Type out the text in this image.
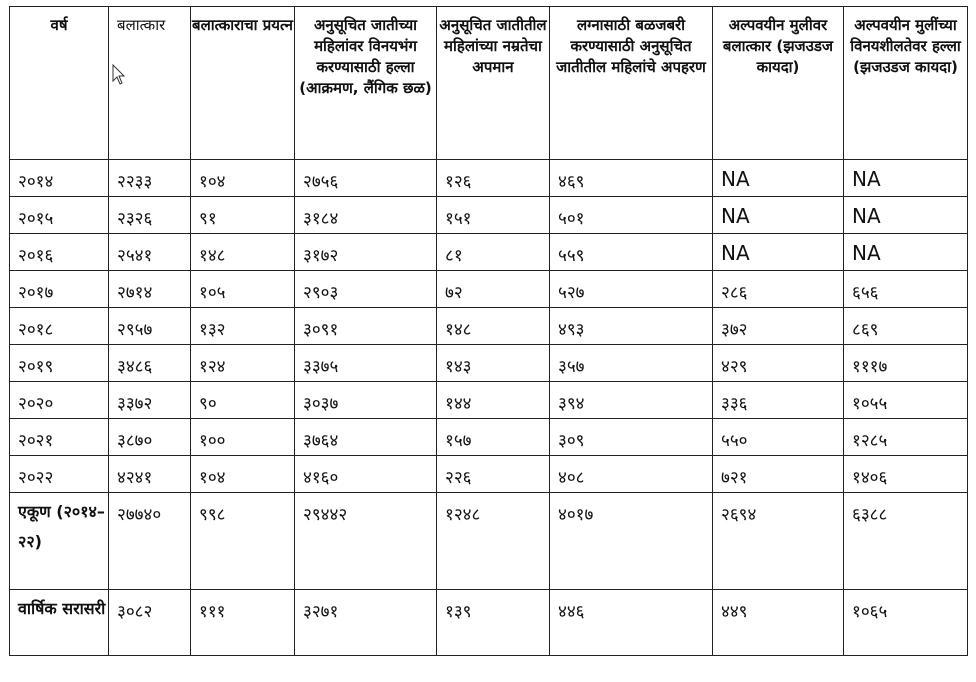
वर्ष	बलात्कार	बलात्काराचा प्रयत्न	अनुसूचित जातीच्या महिलांवर विनयभंग करण्यासाठी हल्ला (आक्रमण, लैंगिक छळ)	अनुसूचित जातीतील महिलांच्या नम्रतेचा अपमान	लग्नासाठी बळजबरी करण्यासाठी अनुसूचित जातीतील महिलांचे अपहरण	अल्पवयीन मुलीवर बलात्कार (झजउडज कायदा)	अल्पवयीन मुलींच्या विनयशीलतेवर हल्ला (झजउडज कायदा)
२०१४	२२३३	१०४	२७५६	१२६	४६९	NA	NA
२०१५	२३२६	९१	३१८४	१५१	५०१	NA	NA
२०१६	२५४१	१४८	३१७२	८१	५५९	NA	NA
२०१७	२७१४	१०५	२९०३	७२	५२७	२८६	६५६
२०१८	२९५७	१३२	३०९१	१४८	४९३	३७२	८६९
२०१९	३४८६	१२४	३३७५	१४३	३५७	४२९	१११७
२०२०	३३७२	९०	३०३७	१४४	३९४	३३६	१०५५
२०२१	३८७०	१००	३७६४	१५७	३०९	५५०	१२८५
२०२२	४२४१	१०४	४१६०	२२६	४०८	७२१	१४०६
एकूण (२०१४–२२)	२७७४०	९९८	२९४४२	१२४८	४०१७	२६९४	६३८८
वार्षिक सरासरी	३०८२	१११	३२७१	१३९	४४६	४४९	१०६५
